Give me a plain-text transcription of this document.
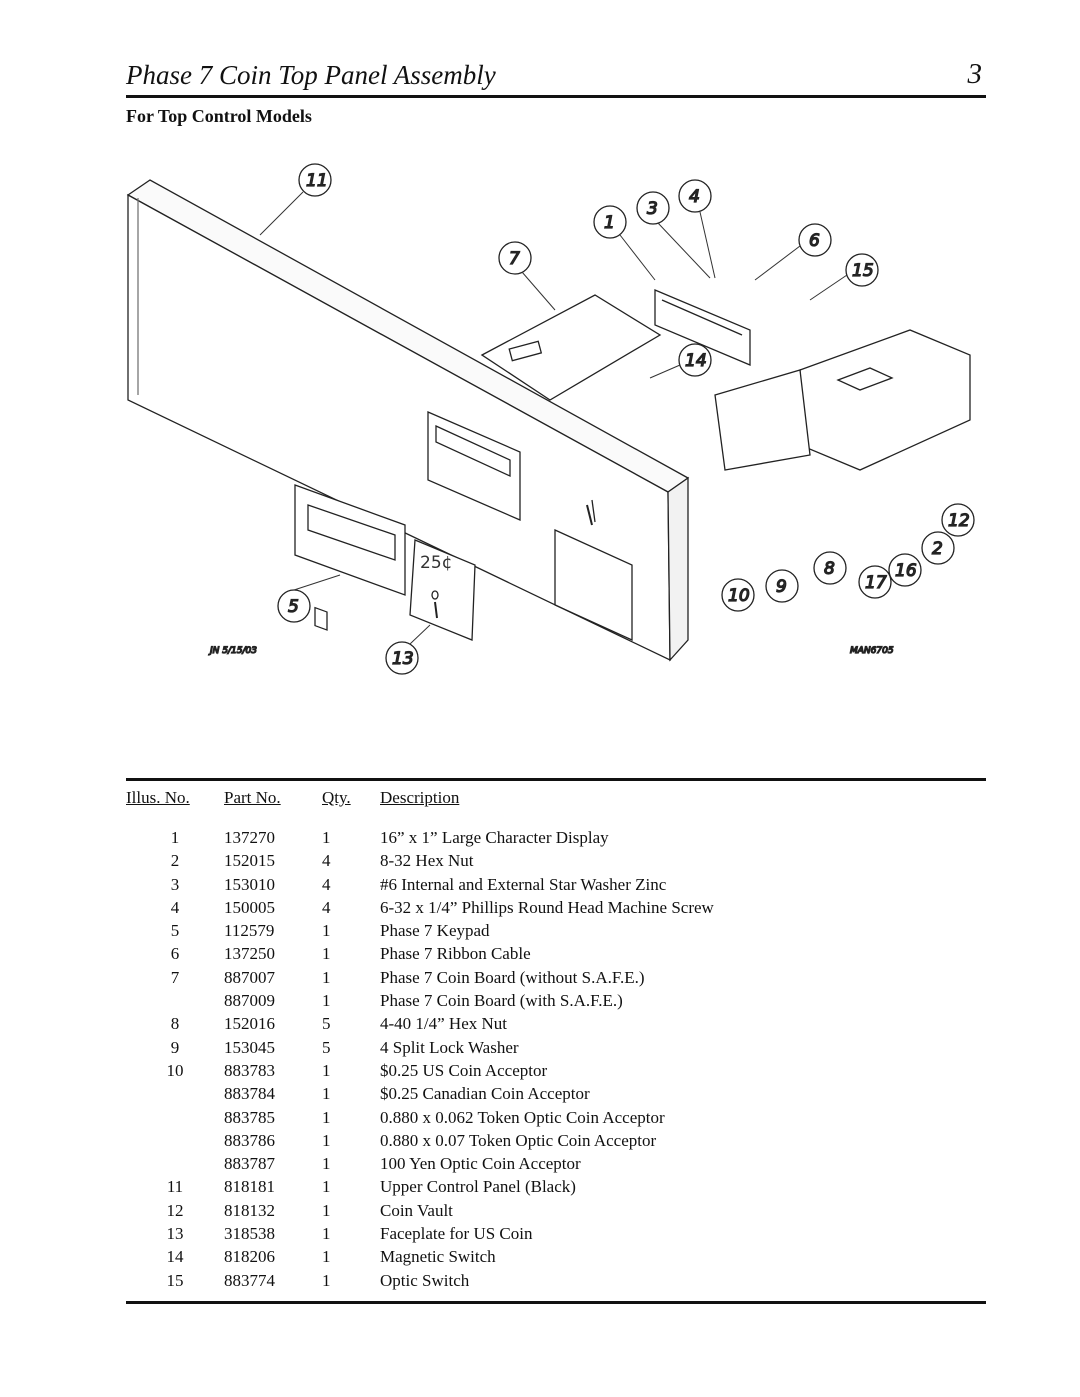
Phase 7 Coin Top Panel Assembly	3
For Top Control Models
25¢
11
1
3
4
6
7
15
14
12
2
5
13
10 9
8
17
16
JN 5/15/03	MAN6705
Illus. No.	Part No.	Qty.	Description

1	137270	1	16” x 1” Large Character Display
2	152015	4	8-32 Hex Nut
3	153010	4	#6 Internal and External Star Washer Zinc
4	150005	4	6-32 x 1/4” Phillips Round Head Machine Screw
5	112579	1	Phase 7 Keypad
6	137250	1	Phase 7 Ribbon Cable
7	887007	1	Phase 7 Coin Board (without S.A.F.E.)
	887009	1	Phase 7 Coin Board (with S.A.F.E.)
8	152016	5	4-40 1/4” Hex Nut
9	153045	5	4 Split Lock Washer
10	883783	1	$0.25 US Coin Acceptor
	883784	1	$0.25 Canadian Coin Acceptor
	883785	1	0.880 x 0.062 Token Optic Coin Acceptor
	883786	1	0.880 x 0.07 Token Optic Coin Acceptor
	883787	1	100 Yen Optic Coin Acceptor
11	818181	1	Upper Control Panel (Black)
12	818132	1	Coin Vault
13	318538	1	Faceplate for US Coin
14	818206	1	Magnetic Switch
15	883774	1	Optic Switch
